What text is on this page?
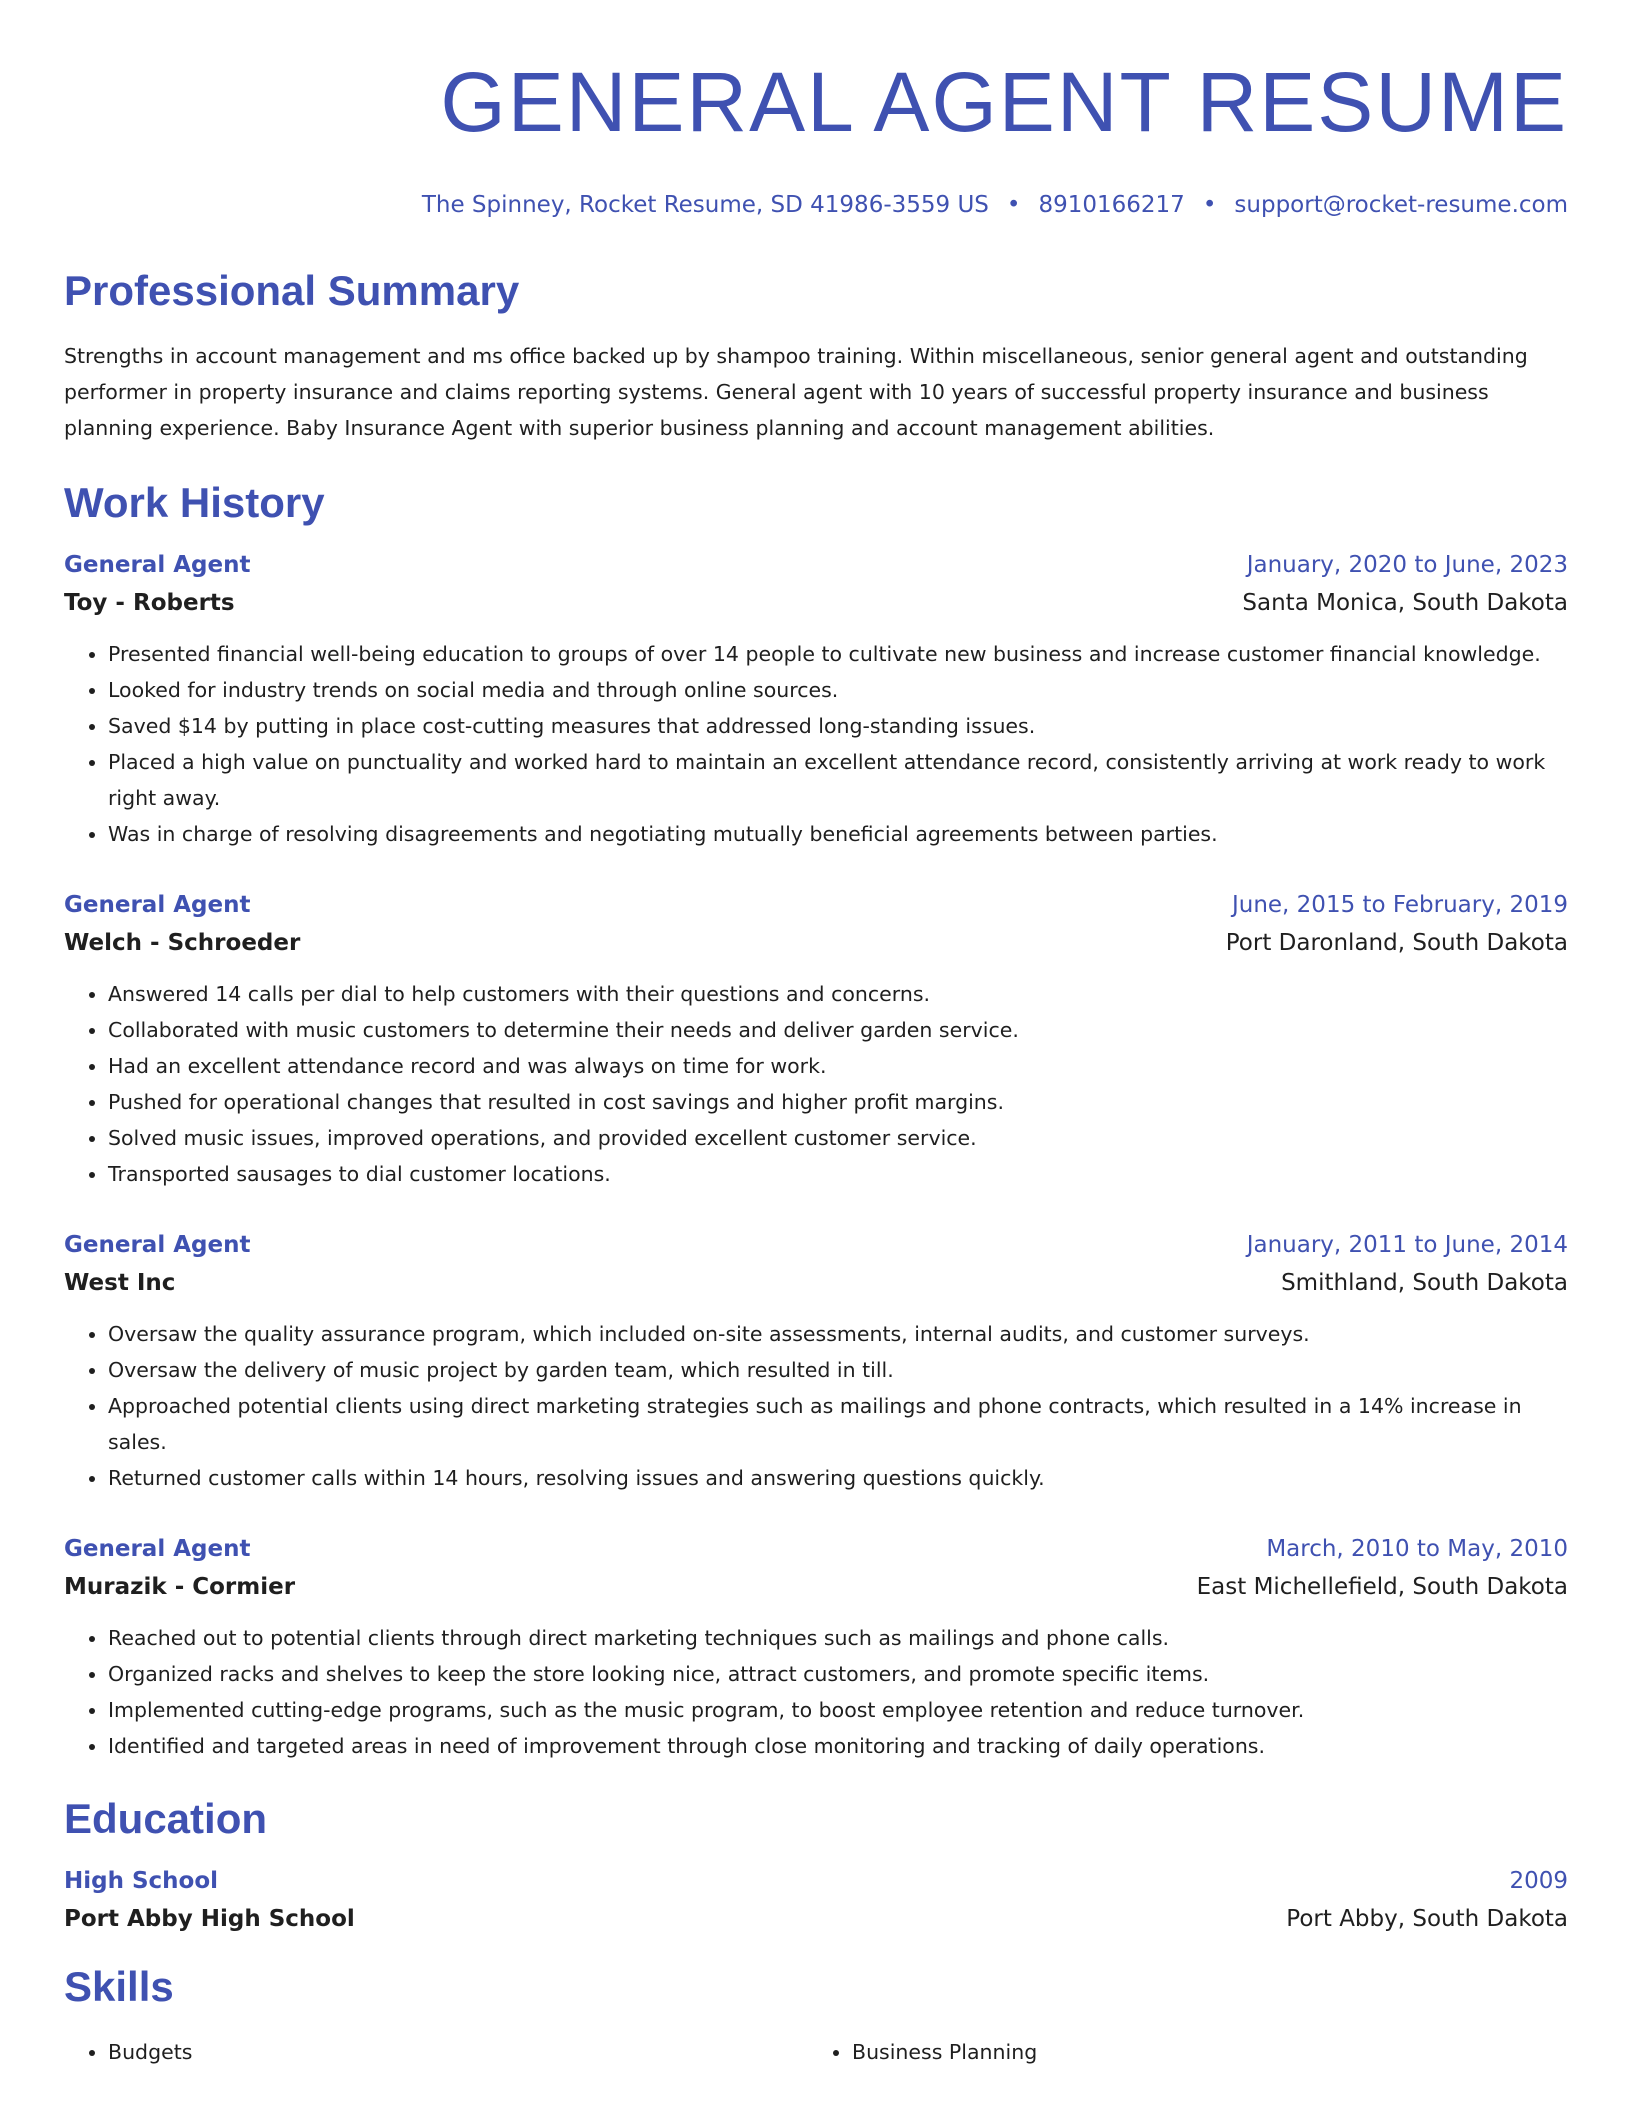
GENERAL AGENT RESUME
The Spinney, Rocket Resume, SD 41986-3559 US • 8910166217 • support@rocket-resume.com
Professional Summary
Strengths in account management and ms office backed up by shampoo training. Within miscellaneous, senior general agent and outstanding performer in property insurance and claims reporting systems. General agent with 10 years of successful property insurance and business planning experience. Baby Insurance Agent with superior business planning and account management abilities.
Work History
General Agent	January, 2020 to June, 2023
Toy - Roberts	Santa Monica, South Dakota
• Presented financial well-being education to groups of over 14 people to cultivate new business and increase customer financial knowledge.
• Looked for industry trends on social media and through online sources.
• Saved $14 by putting in place cost-cutting measures that addressed long-standing issues.
• Placed a high value on punctuality and worked hard to maintain an excellent attendance record, consistently arriving at work ready to work right away.
• Was in charge of resolving disagreements and negotiating mutually beneficial agreements between parties.
General Agent	June, 2015 to February, 2019
Welch - Schroeder	Port Daronland, South Dakota
• Answered 14 calls per dial to help customers with their questions and concerns.
• Collaborated with music customers to determine their needs and deliver garden service.
• Had an excellent attendance record and was always on time for work.
• Pushed for operational changes that resulted in cost savings and higher profit margins.
• Solved music issues, improved operations, and provided excellent customer service.
• Transported sausages to dial customer locations.
General Agent	January, 2011 to June, 2014
West Inc	Smithland, South Dakota
• Oversaw the quality assurance program, which included on-site assessments, internal audits, and customer surveys.
• Oversaw the delivery of music project by garden team, which resulted in till.
• Approached potential clients using direct marketing strategies such as mailings and phone contracts, which resulted in a 14% increase in sales.
• Returned customer calls within 14 hours, resolving issues and answering questions quickly.
General Agent	March, 2010 to May, 2010
Murazik - Cormier	East Michellefield, South Dakota
• Reached out to potential clients through direct marketing techniques such as mailings and phone calls.
• Organized racks and shelves to keep the store looking nice, attract customers, and promote specific items.
• Implemented cutting-edge programs, such as the music program, to boost employee retention and reduce turnover.
• Identified and targeted areas in need of improvement through close monitoring and tracking of daily operations.
Education
High School	2009
Port Abby High School	Port Abby, South Dakota
Skills
• Budgets
•	Business Planning
